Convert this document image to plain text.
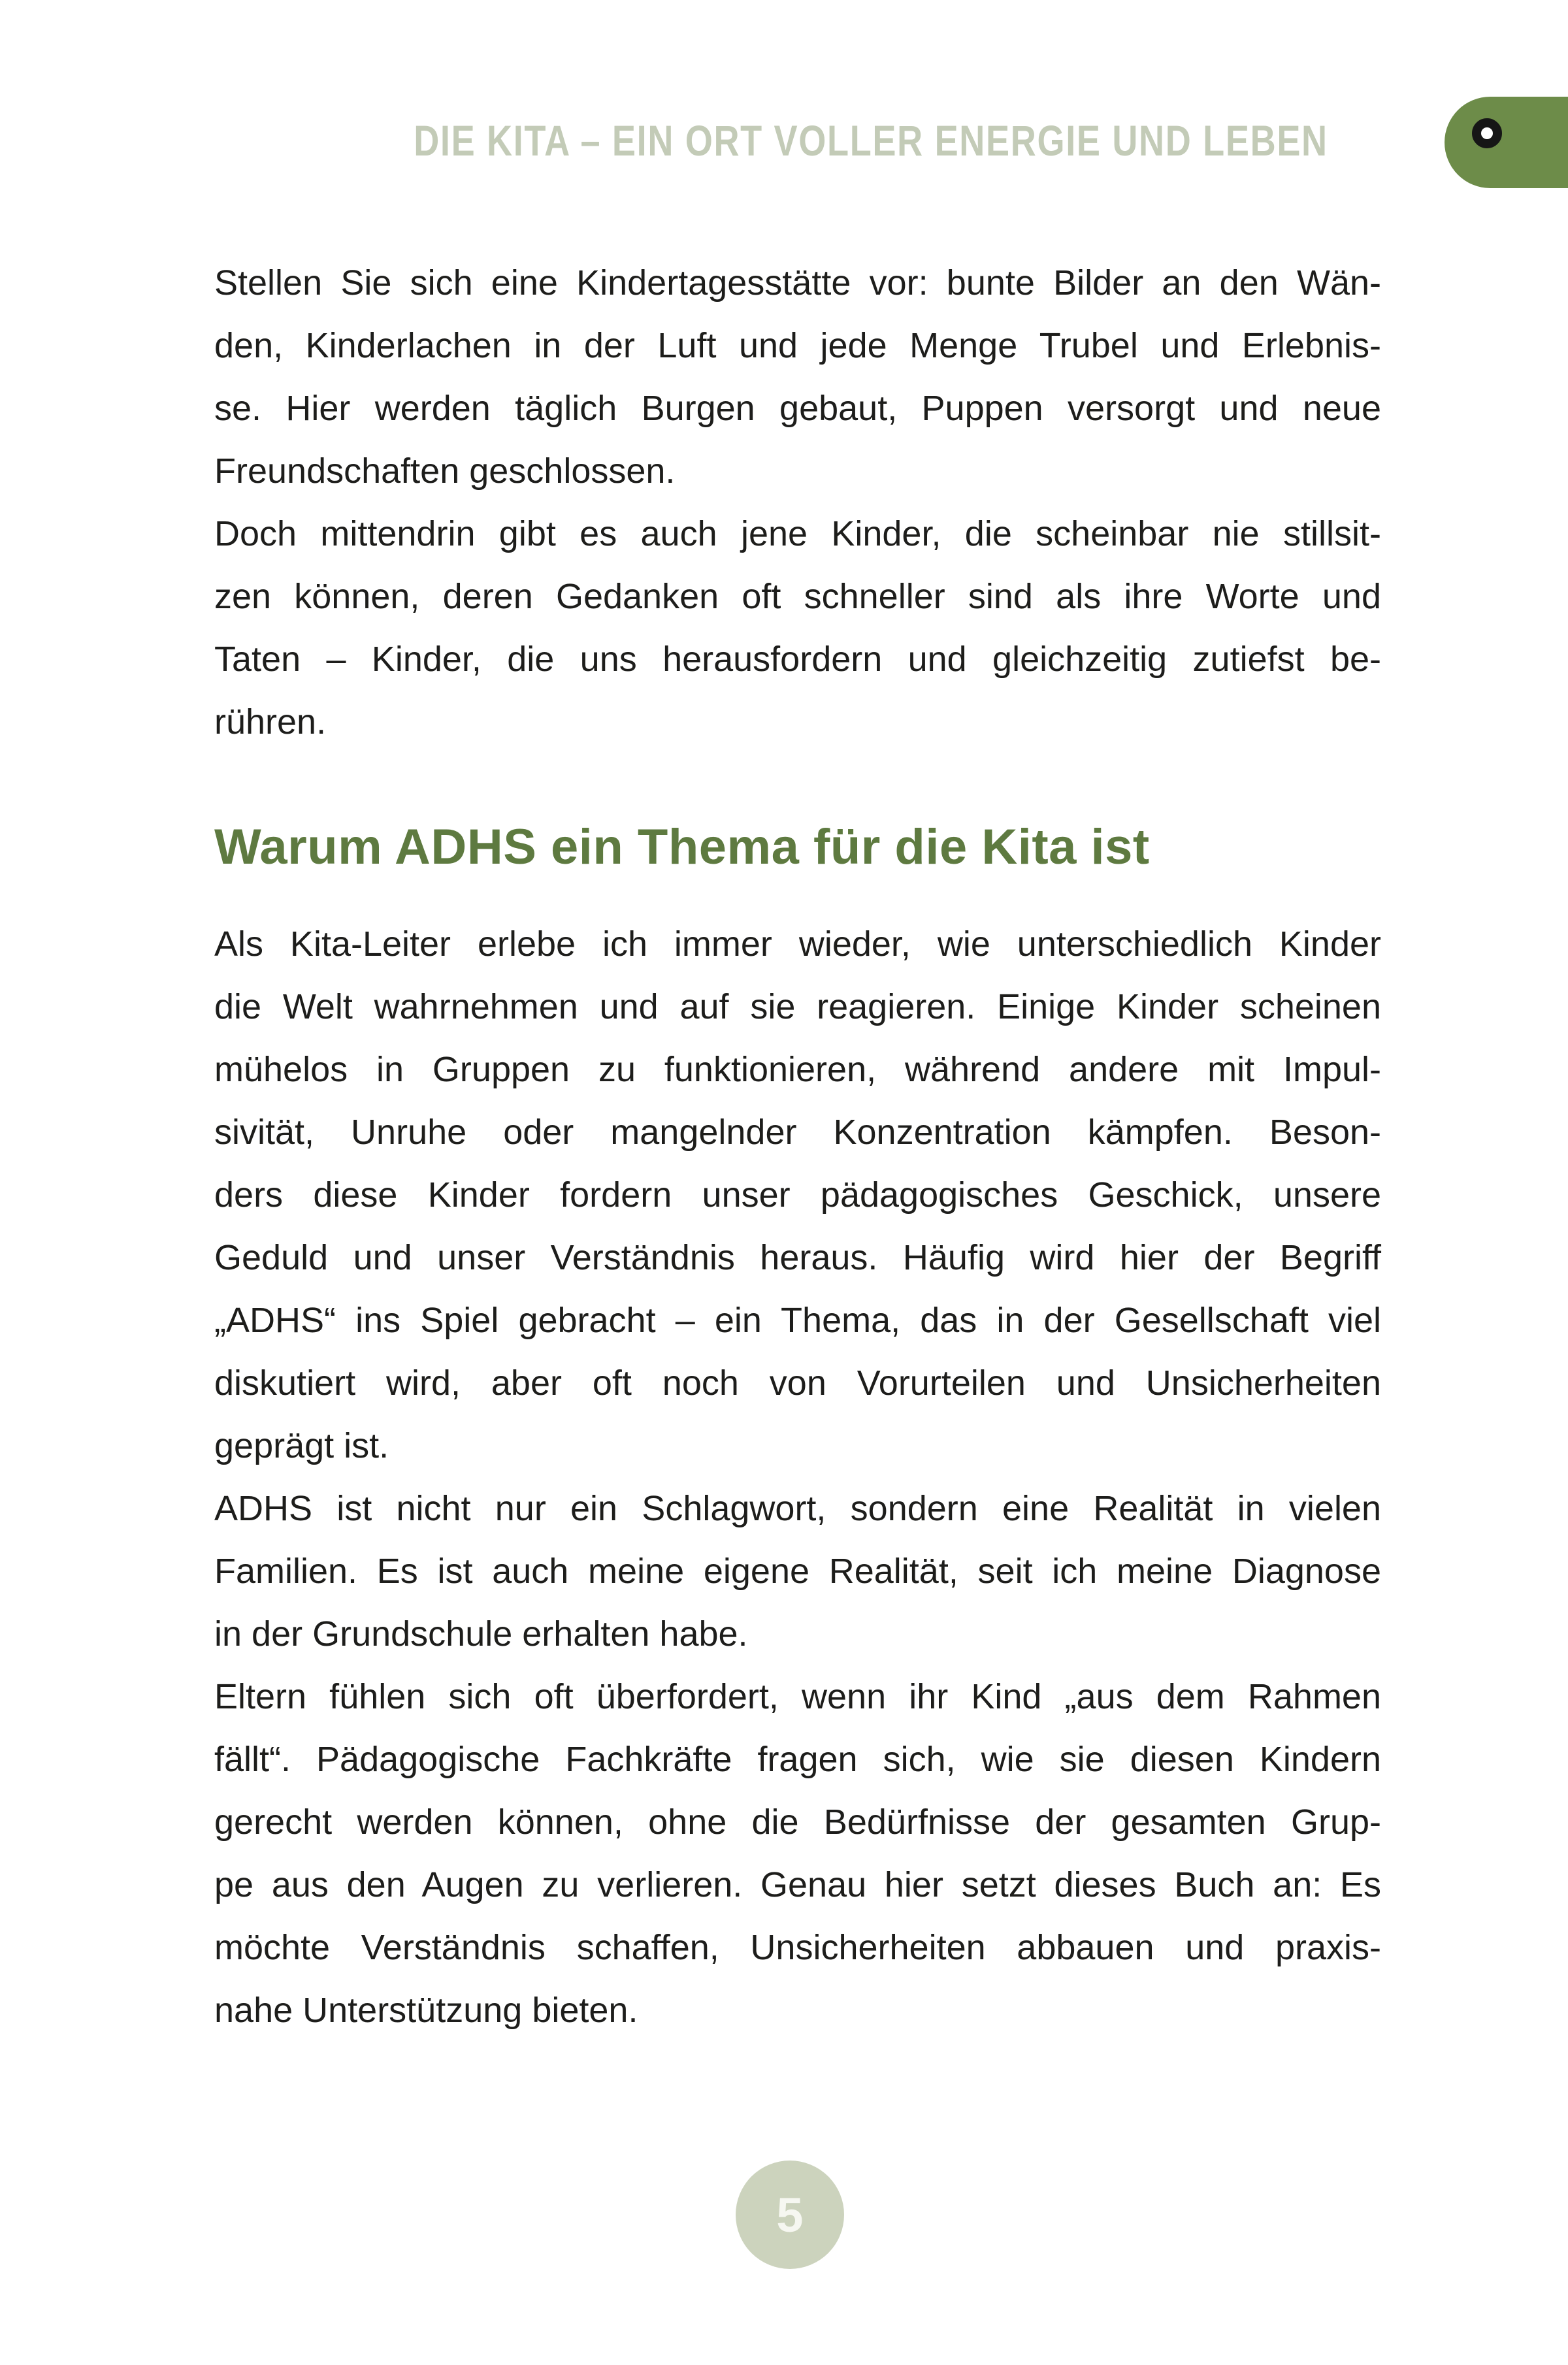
DIE KITA – EIN ORT VOLLER ENERGIE UND LEBEN
Stellen Sie sich eine Kindertagesstätte vor: bunte Bilder an den Wän-
den, Kinderlachen in der Luft und jede Menge Trubel und Erlebnis-
se. Hier werden täglich Burgen gebaut, Puppen versorgt und neue
Freundschaften geschlossen.
Doch mittendrin gibt es auch jene Kinder, die scheinbar nie stillsit-
zen können, deren Gedanken oft schneller sind als ihre Worte und
Taten – Kinder, die uns herausfordern und gleichzeitig zutiefst be-
rühren.
Warum ADHS ein Thema für die Kita ist
Als Kita-Leiter erlebe ich immer wieder, wie unterschiedlich Kinder
die Welt wahrnehmen und auf sie reagieren. Einige Kinder scheinen
mühelos in Gruppen zu funktionieren, während andere mit Impul-
sivität, Unruhe oder mangelnder Konzentration kämpfen. Beson-
ders diese Kinder fordern unser pädagogisches Geschick, unsere
Geduld und unser Verständnis heraus. Häufig wird hier der Begriff
„ADHS“ ins Spiel gebracht – ein Thema, das in der Gesellschaft viel
diskutiert wird, aber oft noch von Vorurteilen und Unsicherheiten
geprägt ist.
ADHS ist nicht nur ein Schlagwort, sondern eine Realität in vielen
Familien. Es ist auch meine eigene Realität, seit ich meine Diagnose
in der Grundschule erhalten habe.
Eltern fühlen sich oft überfordert, wenn ihr Kind „aus dem Rahmen
fällt“. Pädagogische Fachkräfte fragen sich, wie sie diesen Kindern
gerecht werden können, ohne die Bedürfnisse der gesamten Grup-
pe aus den Augen zu verlieren. Genau hier setzt dieses Buch an: Es
möchte Verständnis schaffen, Unsicherheiten abbauen und praxis-
nahe Unterstützung bieten.
5
